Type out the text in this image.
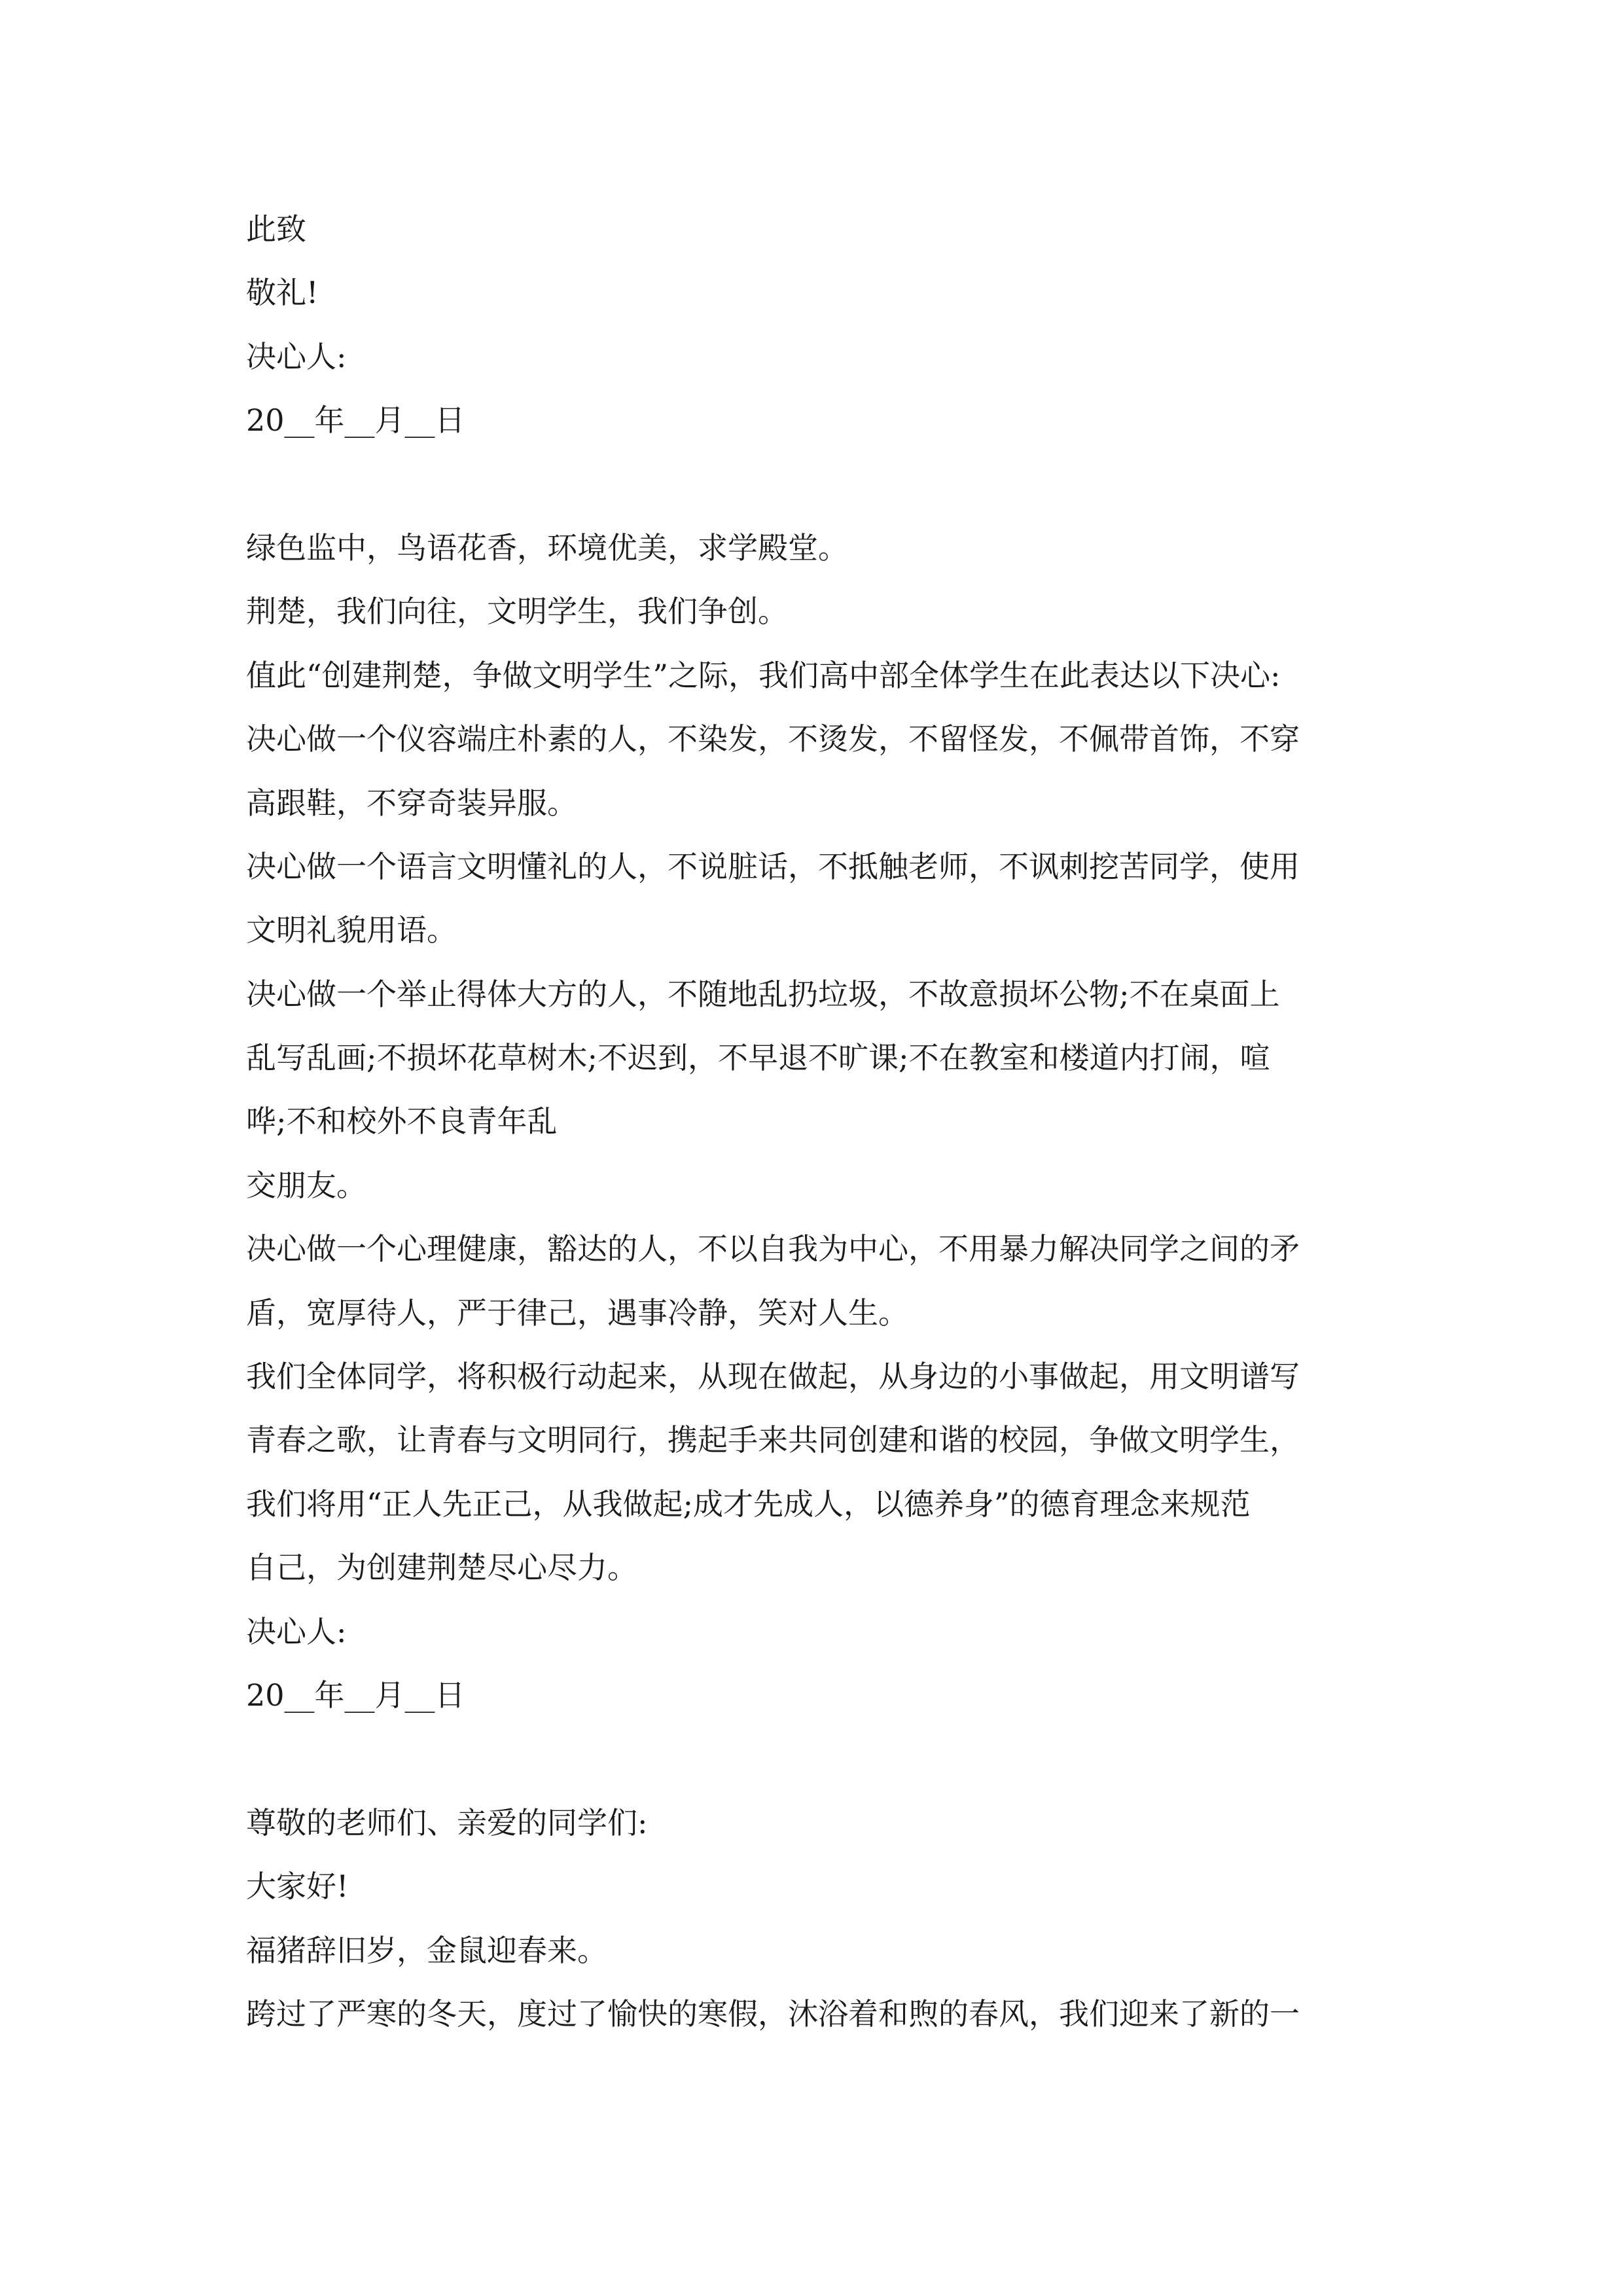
此致
敬礼!
决心人:
20__年__月__日
绿色监中，鸟语花香，环境优美，求学殿堂。
荆楚，我们向往，文明学生，我们争创。
值此“创建荆楚，争做文明学生”之际，我们高中部全体学生在此表达以下决心:
决心做一个仪容端庄朴素的人，不染发，不烫发，不留怪发，不佩带首饰，不穿
高跟鞋，不穿奇装异服。
决心做一个语言文明懂礼的人，不说脏话，不抵触老师，不讽刺挖苦同学，使用
文明礼貌用语。
决心做一个举止得体大方的人，不随地乱扔垃圾，不故意损坏公物;不在桌面上
乱写乱画;不损坏花草树木;不迟到，不早退不旷课;不在教室和楼道内打闹，喧
哗;不和校外不良青年乱
交朋友。
决心做一个心理健康，豁达的人，不以自我为中心，不用暴力解决同学之间的矛
盾，宽厚待人，严于律己，遇事冷静，笑对人生。
我们全体同学，将积极行动起来，从现在做起，从身边的小事做起，用文明谱写
青春之歌，让青春与文明同行，携起手来共同创建和谐的校园，争做文明学生，
我们将用“正人先正己，从我做起;成才先成人，以德养身”的德育理念来规范
自己，为创建荆楚尽心尽力。
决心人:
20__年__月__日
尊敬的老师们、亲爱的同学们:
大家好!
福猪辞旧岁，金鼠迎春来。
跨过了严寒的冬天，度过了愉快的寒假，沐浴着和煦的春风，我们迎来了新的一
